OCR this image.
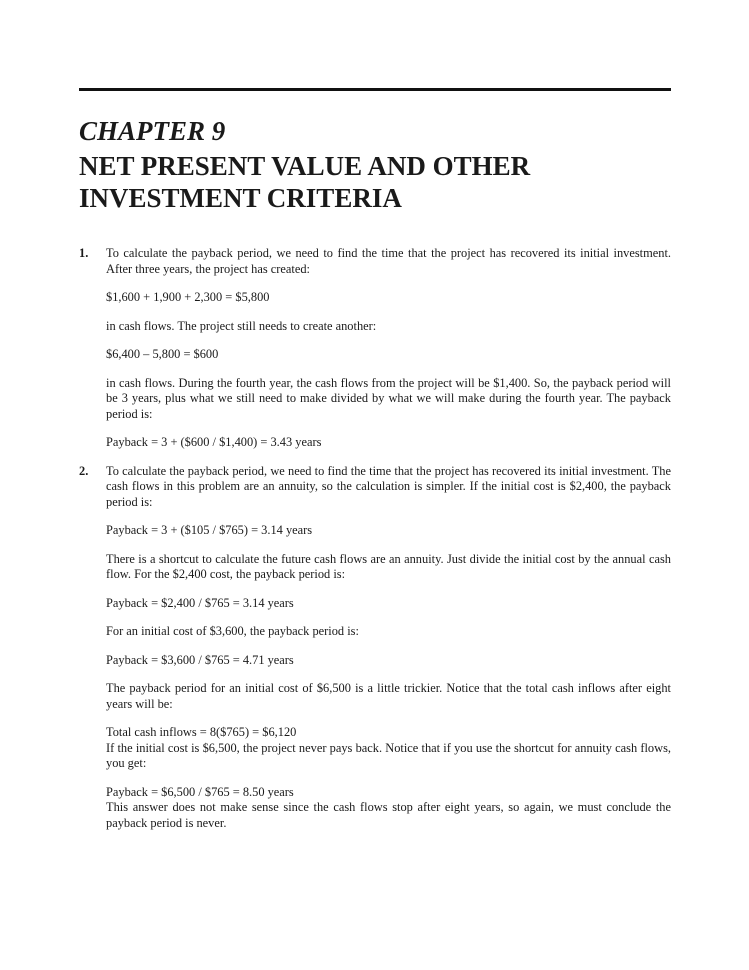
CHAPTER 9
NET PRESENT VALUE AND OTHER
INVESTMENT CRITERIA
1. To calculate the payback period, we need to find the time that the project has recovered its initial investment. After three years, the project has created:

$1,600 + 1,900 + 2,300 = $5,800

in cash flows. The project still needs to create another:

$6,400 – 5,800 = $600

in cash flows. During the fourth year, the cash flows from the project will be $1,400. So, the payback period will be 3 years, plus what we still need to make divided by what we will make during the fourth year. The payback period is:

Payback = 3 + ($600 / $1,400) = 3.43 years

2. To calculate the payback period, we need to find the time that the project has recovered its initial investment. The cash flows in this problem are an annuity, so the calculation is simpler. If the initial cost is $2,400, the payback period is:

Payback = 3 + ($105 / $765) = 3.14 years

There is a shortcut to calculate the future cash flows are an annuity. Just divide the initial cost by the annual cash flow. For the $2,400 cost, the payback period is:

Payback = $2,400 / $765 = 3.14 years

For an initial cost of $3,600, the payback period is:

Payback = $3,600 / $765 = 4.71 years

The payback period for an initial cost of $6,500 is a little trickier. Notice that the total cash inflows after eight years will be:

Total cash inflows = 8($765) = $6,120

If the initial cost is $6,500, the project never pays back. Notice that if you use the shortcut for annuity cash flows, you get:

Payback = $6,500 / $765 = 8.50 years

This answer does not make sense since the cash flows stop after eight years, so again, we must conclude the payback period is never.
